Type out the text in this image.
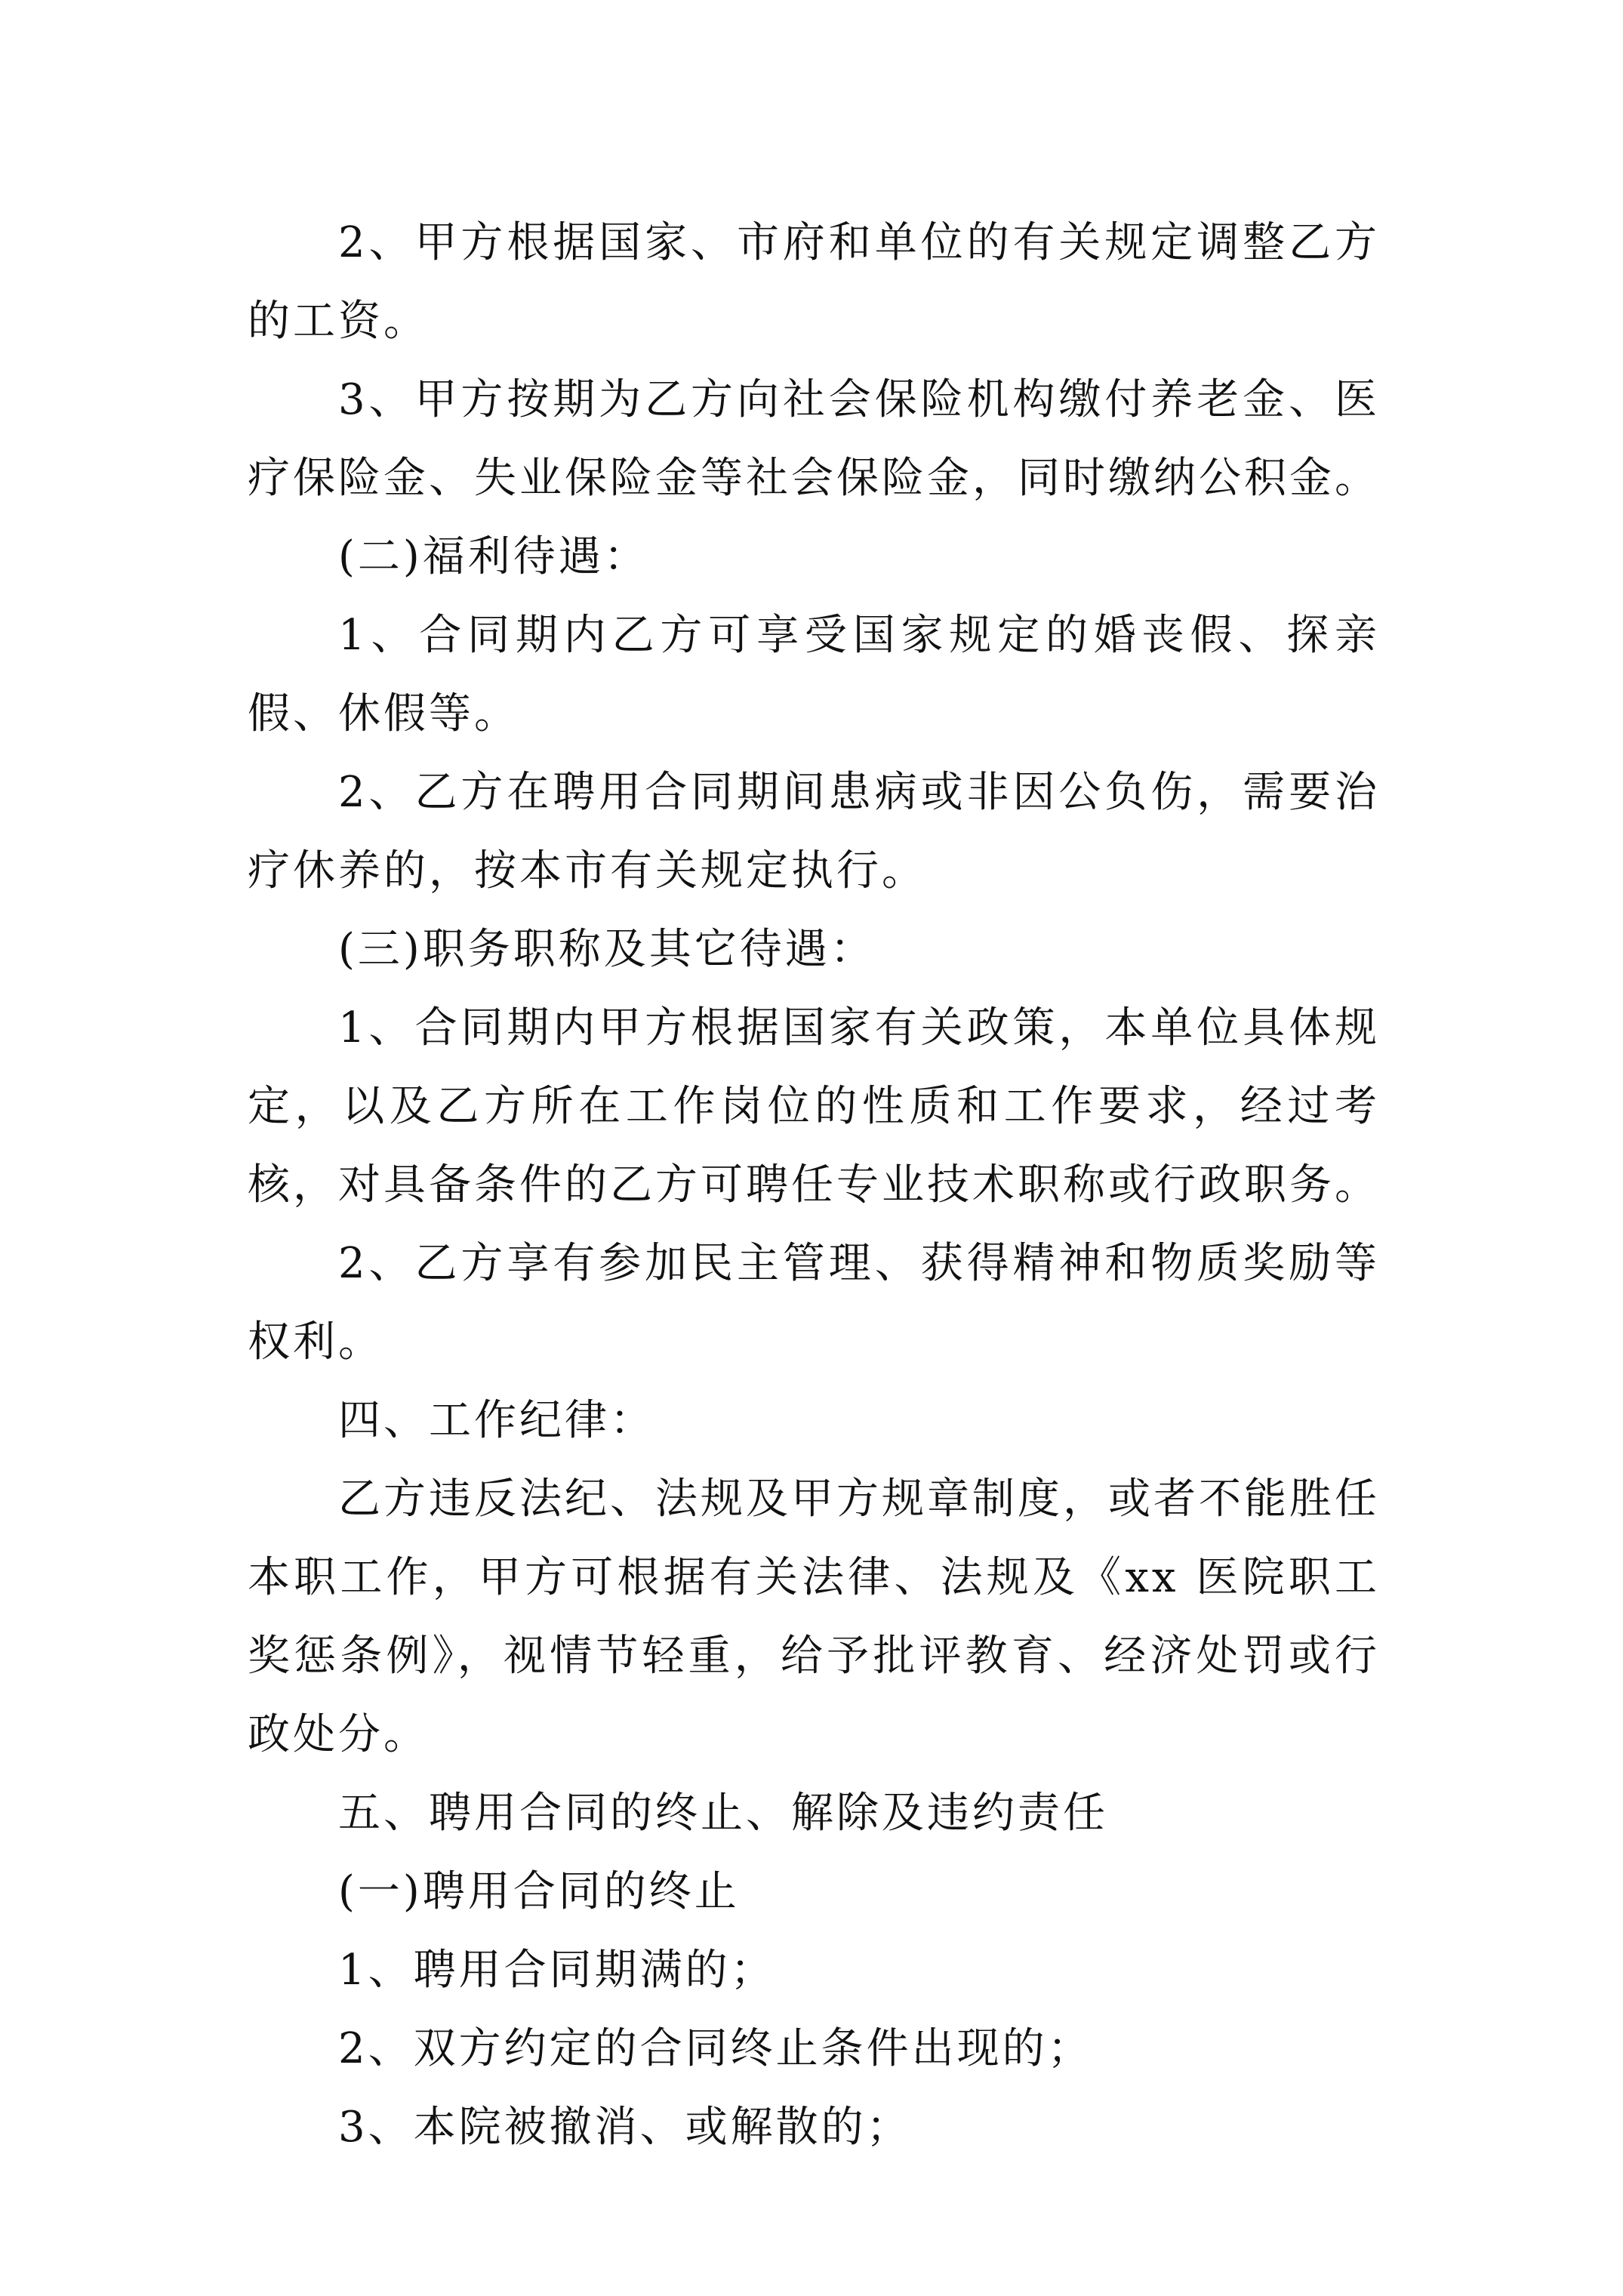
2、甲方根据国家、市府和单位的有关规定调整乙方的工资。

3、甲方按期为乙方向社会保险机构缴付养老金、医疗保险金、失业保险金等社会保险金，同时缴纳公积金。

(二)福利待遇：

1、合同期内乙方可享受国家规定的婚丧假、探亲假、休假等。

2、乙方在聘用合同期间患病或非因公负伤，需要治疗休养的，按本市有关规定执行。

(三)职务职称及其它待遇：

1、合同期内甲方根据国家有关政策，本单位具体规定，以及乙方所在工作岗位的性质和工作要求，经过考核，对具备条件的乙方可聘任专业技术职称或行政职务。

2、乙方享有参加民主管理、获得精神和物质奖励等权利。

四、工作纪律：

乙方违反法纪、法规及甲方规章制度，或者不能胜任本职工作，甲方可根据有关法律、法规及《xx 医院职工奖惩条例》，视情节轻重，给予批评教育、经济处罚或行政处分。

五、聘用合同的终止、解除及违约责任

(一)聘用合同的终止

1、聘用合同期满的；

2、双方约定的合同终止条件出现的；

3、本院被撤消、或解散的；
